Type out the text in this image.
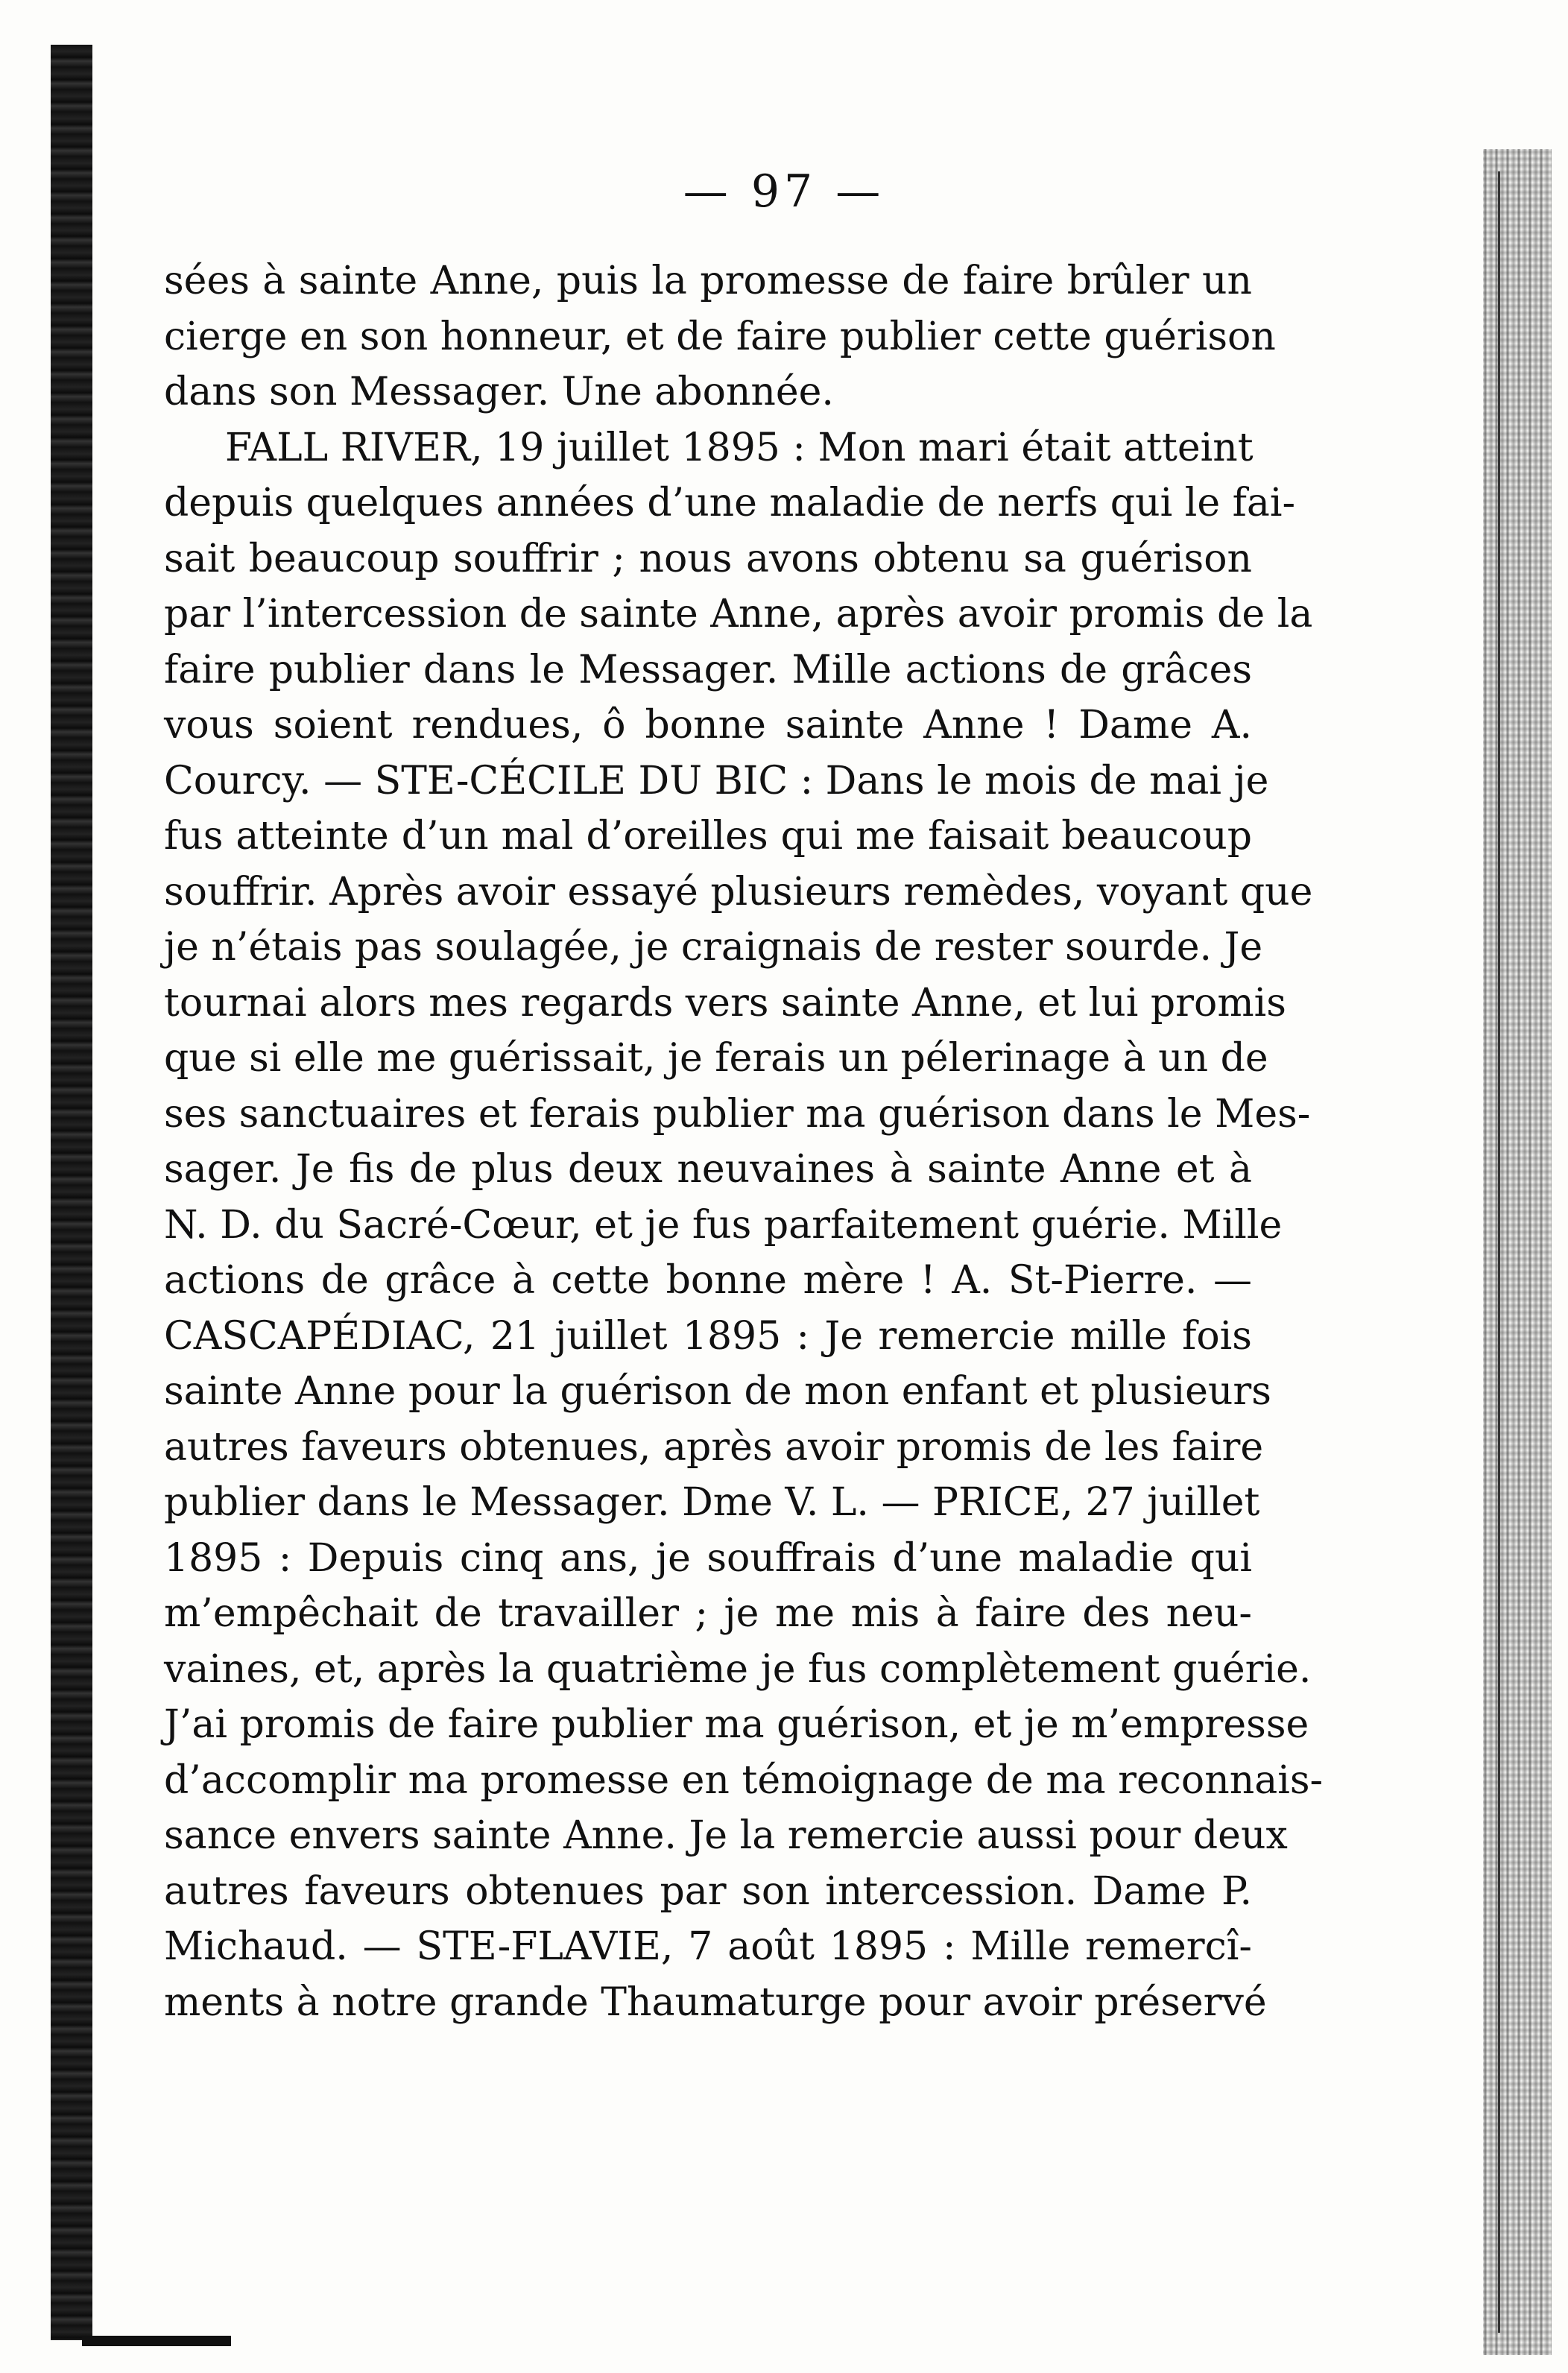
— 97 —
sées à sainte Anne, puis la promesse de faire brûler un
cierge en son honneur, et de faire publier cette guérison
dans son Messager. Une abonnée.
FALL RIVER, 19 juillet 1895 : Mon mari était atteint
depuis quelques années d’une maladie de nerfs qui le fai-
sait beaucoup souffrir ; nous avons obtenu sa guérison
par l’intercession de sainte Anne, après avoir promis de la
faire publier dans le Messager. Mille actions de grâces
vous soient rendues, ô bonne sainte Anne ! Dame A.
Courcy. — STE-CÉCILE DU BIC : Dans le mois de mai je
fus atteinte d’un mal d’oreilles qui me faisait beaucoup
souffrir. Après avoir essayé plusieurs remèdes, voyant que
je n’étais pas soulagée, je craignais de rester sourde. Je
tournai alors mes regards vers sainte Anne, et lui promis
que si elle me guérissait, je ferais un pélerinage à un de
ses sanctuaires et ferais publier ma guérison dans le Mes-
sager. Je fis de plus deux neuvaines à sainte Anne et à
N. D. du Sacré-Cœur, et je fus parfaitement guérie. Mille
actions de grâce à cette bonne mère ! A. St-Pierre. —
CASCAPÉDIAC, 21 juillet 1895 : Je remercie mille fois
sainte Anne pour la guérison de mon enfant et plusieurs
autres faveurs obtenues, après avoir promis de les faire
publier dans le Messager. Dme V. L. — PRICE, 27 juillet
1895 : Depuis cinq ans, je souffrais d’une maladie qui
m’empêchait de travailler ; je me mis à faire des neu-
vaines, et, après la quatrième je fus complètement guérie.
J’ai promis de faire publier ma guérison, et je m’empresse
d’accomplir ma promesse en témoignage de ma reconnais-
sance envers sainte Anne. Je la remercie aussi pour deux
autres faveurs obtenues par son intercession. Dame P.
Michaud. — STE-FLAVIE, 7 août 1895 : Mille remercî-
ments à notre grande Thaumaturge pour avoir préservé
